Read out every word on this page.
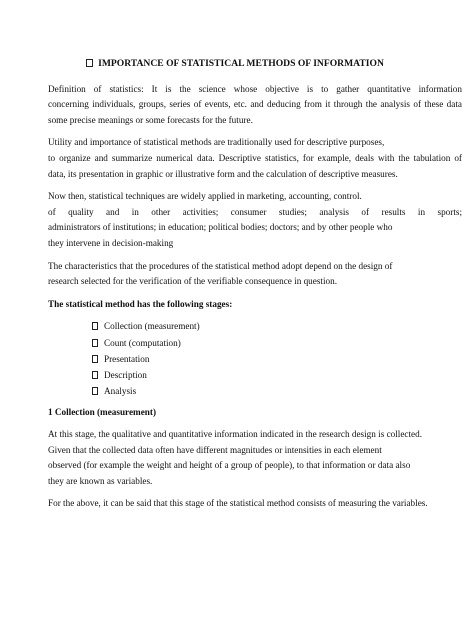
IMPORTANCE OF STATISTICAL METHODS OF INFORMATION
Definition of statistics: It is the science whose objective is to gather quantitative information
concerning individuals, groups, series of events, etc. and deducing from it through the analysis of these data
some precise meanings or some forecasts for the future.
Utility and importance of statistical methods are traditionally used for descriptive purposes,
to organize and summarize numerical data. Descriptive statistics, for example, deals with the tabulation of
data, its presentation in graphic or illustrative form and the calculation of descriptive measures.
Now then, statistical techniques are widely applied in marketing, accounting, control.
of quality and in other activities; consumer studies; analysis of results in sports;
administrators of institutions; in education; political bodies; doctors; and by other people who
they intervene in decision-making
The characteristics that the procedures of the statistical method adopt depend on the design of
research selected for the verification of the verifiable consequence in question.
The statistical method has the following stages:
Collection (measurement)
Count (computation)
Presentation
Description
Analysis
1 Collection (measurement)
At this stage, the qualitative and quantitative information indicated in the research design is collected.
Given that the collected data often have different magnitudes or intensities in each element
observed (for example the weight and height of a group of people), to that information or data also
they are known as variables.
For the above, it can be said that this stage of the statistical method consists of measuring the variables.
